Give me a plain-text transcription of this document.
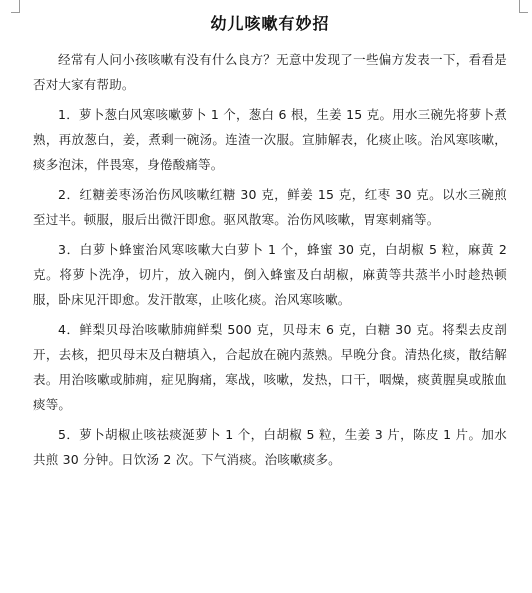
幼儿咳嗽有妙招

经常有人问小孩咳嗽有没有什么良方？无意中发现了一些偏方发表一下，看看是否对大家有帮助。

1．萝卜葱白风寒咳嗽萝卜 1 个，葱白 6 根，生姜 15 克。用水三碗先将萝卜煮熟，再放葱白，姜，煮剩一碗汤。连渣一次服。宣肺解表，化痰止咳。治风寒咳嗽，痰多泡沫，伴畏寒，身倦酸痛等。

2．红糖姜枣汤治伤风咳嗽红糖 30 克，鲜姜 15 克，红枣 30 克。以水三碗煎至过半。顿服，服后出微汗即愈。驱风散寒。治伤风咳嗽，胃寒刺痛等。

3．白萝卜蜂蜜治风寒咳嗽大白萝卜 1 个，蜂蜜 30 克，白胡椒 5 粒，麻黄 2 克。将萝卜洗净，切片，放入碗内，倒入蜂蜜及白胡椒，麻黄等共蒸半小时趁热顿服，卧床见汗即愈。发汗散寒，止咳化痰。治风寒咳嗽。

4．鲜梨贝母治咳嗽肺痈鲜梨 500 克，贝母末 6 克，白糖 30 克。将梨去皮剖开，去核，把贝母末及白糖填入，合起放在碗内蒸熟。早晚分食。清热化痰，散结解表。用治咳嗽或肺痈，症见胸痛，寒战，咳嗽，发热，口干，咽燥，痰黄腥臭或脓血痰等。

5．萝卜胡椒止咳祛痰涎萝卜 1 个，白胡椒 5 粒，生姜 3 片，陈皮 1 片。加水共煎 30 分钟。日饮汤 2 次。下气消痰。治咳嗽痰多。
